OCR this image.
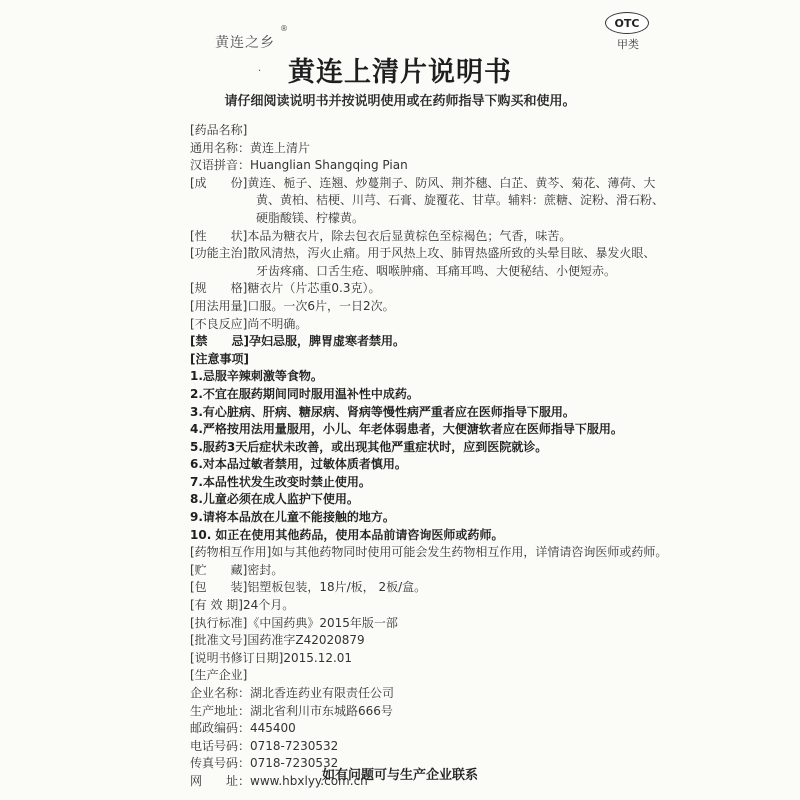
黄连之乡
®	OTC
甲类
· 黄连上清片说明书
请仔细阅读说明书并按说明使用或在药师指导下购买和使用。
[药品名称]
通用名称：黄连上清片
汉语拼音：Huanglian Shangqing Pian
[成　　份]黄连、栀子、连翘、炒蔓荆子、防风、荆芥穗、白芷、黄芩、菊花、薄荷、大
黄、黄柏、桔梗、川芎、石膏、旋覆花、甘草。辅料：蔗糖、淀粉、滑石粉、
硬脂酸镁、柠檬黄。
[性　　状]本品为糖衣片，除去包衣后显黄棕色至棕褐色；气香，味苦。
[功能主治]散风清热，泻火止痛。用于风热上攻、肺胃热盛所致的头晕目眩、暴发火眼、
牙齿疼痛、口舌生疮、咽喉肿痛、耳痛耳鸣、大便秘结、小便短赤。
[规　　格]糖衣片（片芯重0.3克）。
[用法用量]口服。一次6片，一日2次。
[不良反应]尚不明确。
[禁　　忌]孕妇忌服，脾胃虚寒者禁用。
[注意事项]
1.忌服辛辣刺激等食物。
2.不宜在服药期间同时服用温补性中成药。
3.有心脏病、肝病、糖尿病、肾病等慢性病严重者应在医师指导下服用。
4.严格按用法用量服用，小儿、年老体弱患者，大便溏软者应在医师指导下服用。
5.服药3天后症状未改善，或出现其他严重症状时，应到医院就诊。
6.对本品过敏者禁用，过敏体质者慎用。
7.本品性状发生改变时禁止使用。
8.儿童必须在成人监护下使用。
9.请将本品放在儿童不能接触的地方。
10. 如正在使用其他药品，使用本品前请咨询医师或药师。
[药物相互作用]如与其他药物同时使用可能会发生药物相互作用，详情请咨询医师或药师。
[贮　　藏]密封。
[包　　装]铝塑板包装，18片/板， 2板/盒。
[有 效 期]24个月。
[执行标准]《中国药典》2015年版一部
[批准文号]国药准字Z42020879
[说明书修订日期]2015.12.01
[生产企业]
企业名称：湖北香连药业有限责任公司
生产地址：湖北省利川市东城路666号
邮政编码：445400
电话号码：0718-7230532
传真号码：0718-7230532
网　　址：www.hbxlyy.com.cn
如有问题可与生产企业联系
